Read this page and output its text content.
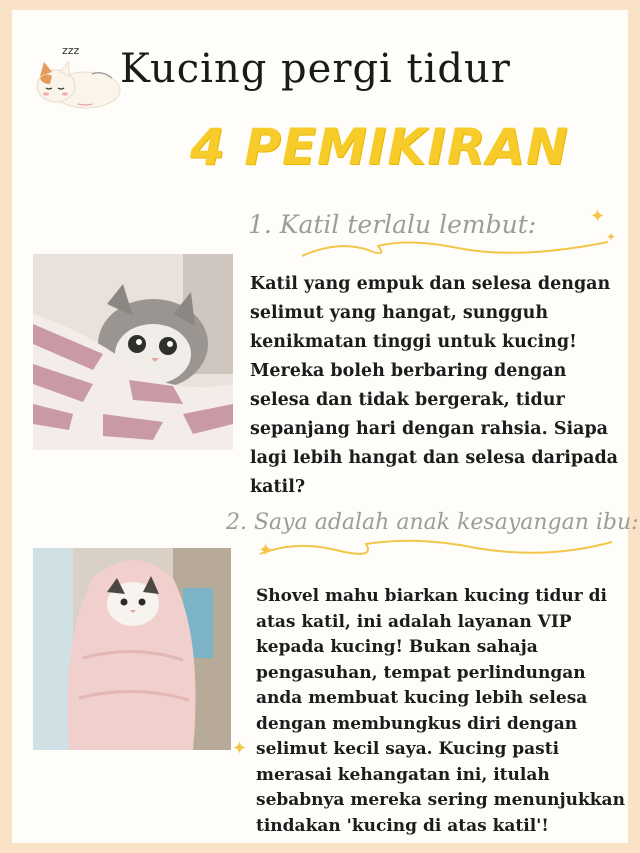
zzz Kucing pergi tidur
4 PEMIKIRAN
1. Katil terlalu lembut:	✦
✦
Katil yang empuk dan selesa dengan selimut yang hangat, sungguh kenikmatan tinggi untuk kucing! Mereka boleh berbaring dengan selesa dan tidak bergerak, tidur sepanjang hari dengan rahsia. Siapa lagi lebih hangat dan selesa daripada katil?
2. Saya adalah anak kesayangan ibu:
✦
✦
Shovel mahu biarkan kucing tidur di atas katil, ini adalah layanan VIP kepada kucing! Bukan sahaja pengasuhan, tempat perlindungan anda membuat kucing lebih selesa dengan membungkus diri dengan selimut kecil saya. Kucing pasti merasai kehangatan ini, itulah sebabnya mereka sering menunjukkan tindakan 'kucing di atas katil'!
